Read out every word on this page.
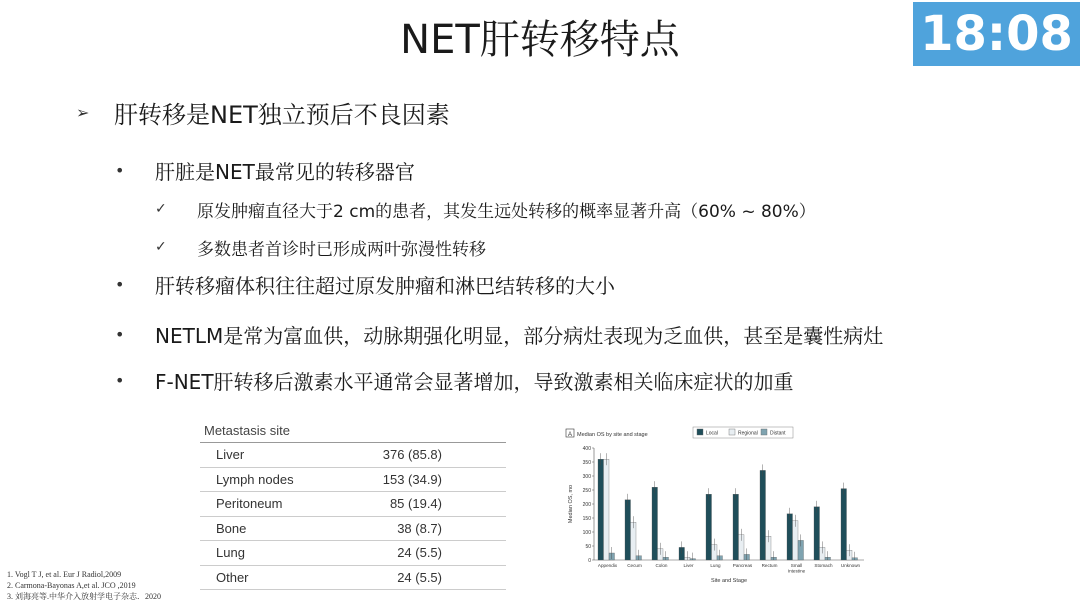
NET肝转移特点	18:08
➢	肝转移是NET独立预后不良因素
•	肝脏是NET最常见的转移器官
✓	原发肿瘤直径大于2 cm的患者，其发生远处转移的概率显著升高（60% ~ 80%）
✓	多数患者首诊时已形成两叶弥漫性转移
•	肝转移瘤体积往往超过原发肿瘤和淋巴结转移的大小
•	NETLM是常为富血供，动脉期强化明显，部分病灶表现为乏血供，甚至是囊性病灶
•	F-NET肝转移后激素水平通常会显著增加，导致激素相关临床症状的加重
Metastasis site
Liver	376 (85.8)
Lymph nodes	153 (34.9)
Peritoneum	85 (19.4)
Bone	38 (8.7)
Lung	24 (5.5)
Other	24 (5.5)
A Median OS by site and stage	Local	Regional Distant
0
50
100
150
200
250
300
350
400
Median OS, mo
Site and Stage
Appendix Cecum	Colon	Liver	Lung	Pancreas Rectum	Small
Intestine
Stomach Unknown
1. Vogl T J, et al. Eur J Radiol,2009
2. Carmona-Bayonas A,et al. JCO ,2019
3. 刘海亮等.中华介入放射学电子杂志．2020
